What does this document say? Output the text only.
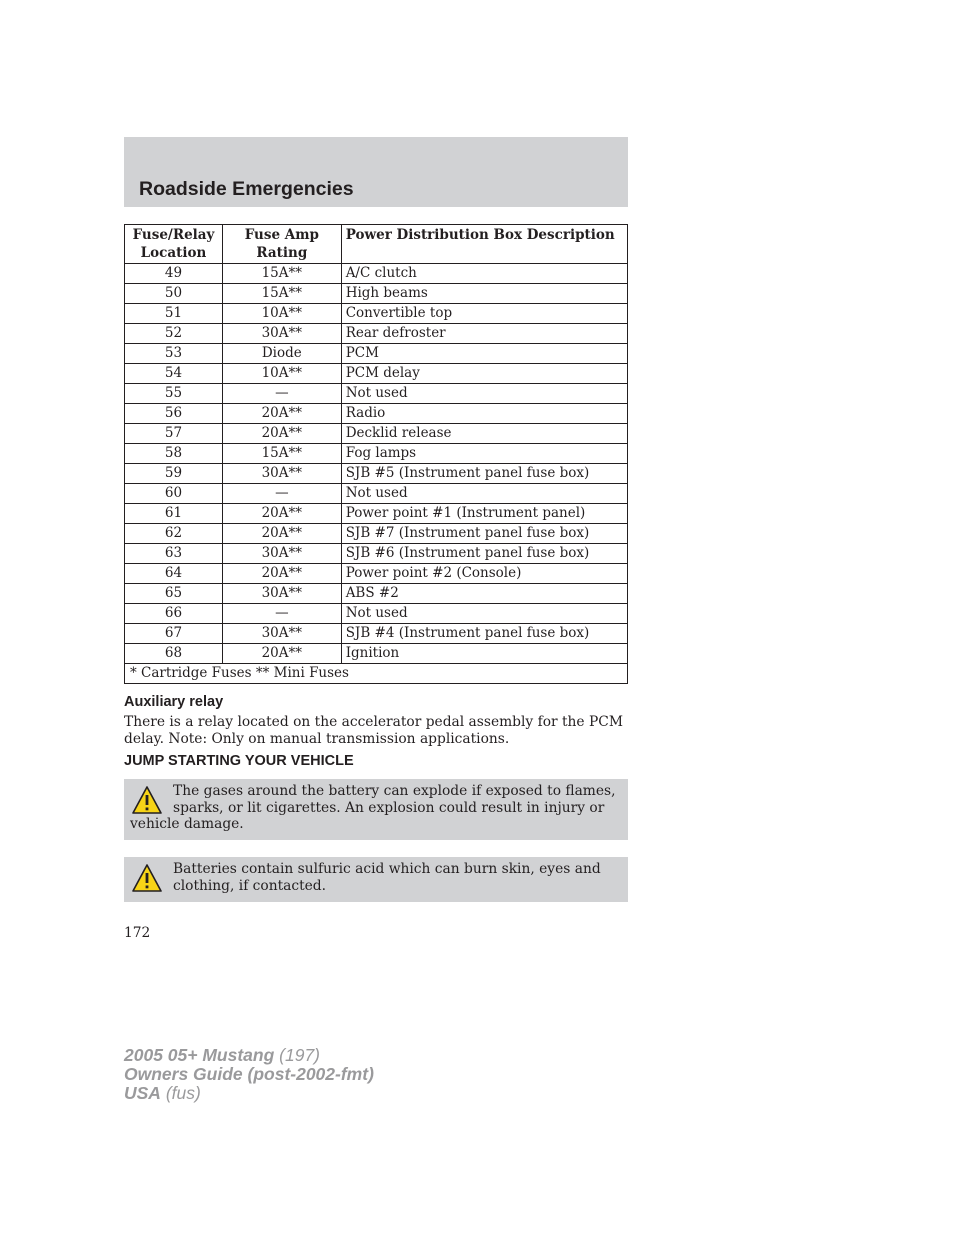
Roadside Emergencies
Fuse/Relay Location	Fuse Amp Rating	Power Distribution Box Description
49	15A**	A/C clutch
50	15A**	High beams
51	10A**	Convertible top
52	30A**	Rear defroster
53	Diode	PCM
54	10A**	PCM delay
55	—	Not used
56	20A**	Radio
57	20A**	Decklid release
58	15A**	Fog lamps
59	30A**	SJB #5 (Instrument panel fuse box)
60	—	Not used
61	20A**	Power point #1 (Instrument panel)
62	20A**	SJB #7 (Instrument panel fuse box)
63	30A**	SJB #6 (Instrument panel fuse box)
64	20A**	Power point #2 (Console)
65	30A**	ABS #2
66	—	Not used
67	30A**	SJB #4 (Instrument panel fuse box)
68	20A**	Ignition
* Cartridge Fuses ** Mini Fuses		
Auxiliary relay
There is a relay located on the accelerator pedal assembly for the PCM delay. Note: Only on manual transmission applications.
JUMP STARTING YOUR VEHICLE
The gases around the battery can explode if exposed to flames, sparks, or lit cigarettes. An explosion could result in injury or vehicle damage.
Batteries contain sulfuric acid which can burn skin, eyes and clothing, if contacted.
172
2005 05+ Mustang (197)
Owners Guide (post-2002-fmt)
USA (fus)
